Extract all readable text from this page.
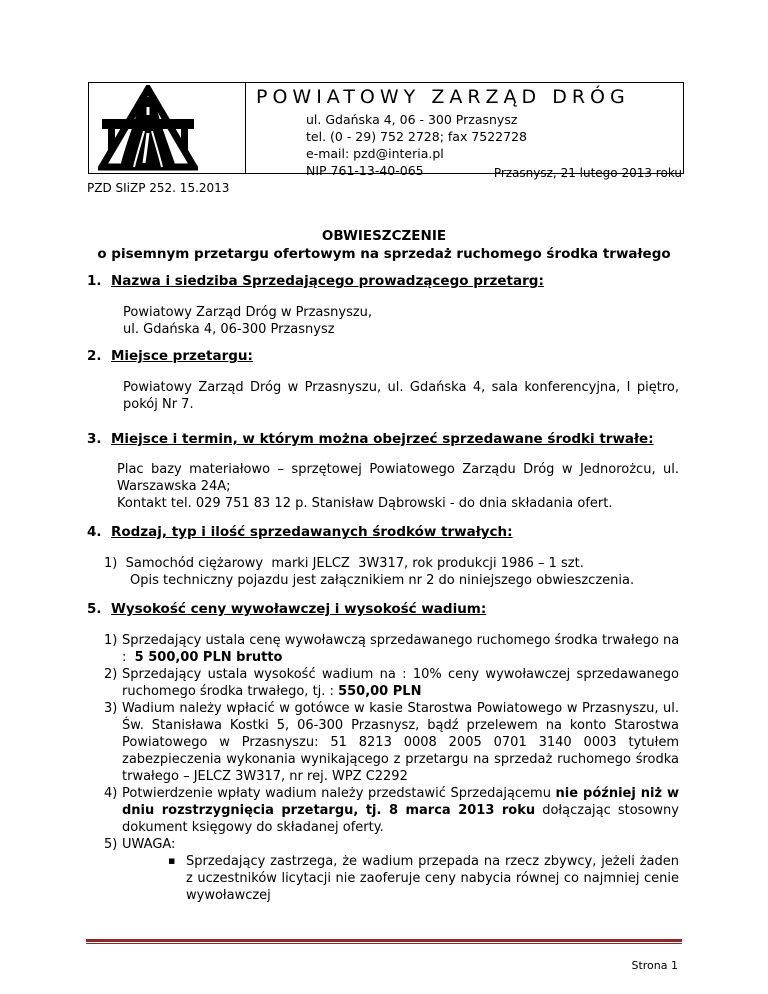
POWIATOWY ZARZĄD DRÓG
ul. Gdańska 4, 06 - 300 Przasnysz
tel. (0 - 29) 752 2728; fax 7522728
e-mail: pzd@interia.pl
NIP 761-13-40-065	Przasnysz, 21 lutego 2013 roku
PZD SIiZP 252. 15.2013
OBWIESZCZENIE
o pisemnym przetargu ofertowym na sprzedaż ruchomego środka trwałego
1. Nazwa i siedziba Sprzedającego prowadzącego przetarg:
Powiatowy Zarząd Dróg w Przasnyszu,
ul. Gdańska 4, 06-300 Przasnysz
2. Miejsce przetargu:
Powiatowy Zarząd Dróg w Przasnyszu, ul. Gdańska 4, sala konferencyjna, I piętro, pokój Nr 7.
3. Miejsce i termin, w którym można obejrzeć sprzedawane środki trwałe:
Plac bazy materiałowo – sprzętowej Powiatowego Zarządu Dróg w Jednorożcu, ul. Warszawska 24A;
Kontakt tel. 029 751 83 12 p. Stanisław Dąbrowski - do dnia składania ofert.
4. Rodzaj, typ i ilość sprzedawanych środków trwałych:
1)  Samochód ciężarowy  marki JELCZ  3W317, rok produkcji 1986 – 1 szt.
Opis techniczny pojazdu jest załącznikiem nr 2 do niniejszego obwieszczenia.
5. Wysokość ceny wywoławczej i wysokość wadium:
1) Sprzedający ustala cenę wywoławczą sprzedawanego ruchomego środka trwałego na
:  5 500,00 PLN brutto
2) Sprzedający ustala wysokość wadium na : 10% ceny wywoławczej sprzedawanego ruchomego środka trwałego, tj. : 550,00 PLN
3) Wadium należy wpłacić w gotówce w kasie Starostwa Powiatowego w Przasnyszu, ul. Św. Stanisława Kostki 5, 06-300 Przasnysz, bądź przelewem na konto Starostwa Powiatowego w Przasnyszu: 51 8213 0008 2005 0701 3140 0003 tytułem zabezpieczenia wykonania wynikającego z przetargu na sprzedaż ruchomego środka trwałego – JELCZ 3W317, nr rej. WPZ C2292
4) Potwierdzenie wpłaty wadium należy przedstawić Sprzedającemu nie później niż w dniu rozstrzygnięcia przetargu, tj. 8 marca 2013 roku dołączając stosowny dokument księgowy do składanej oferty.
5) UWAGA:
▪ Sprzedający zastrzega, że wadium przepada na rzecz zbywcy, jeżeli żaden z uczestników licytacji nie zaoferuje ceny nabycia równej co najmniej cenie wywoławczej
Strona 1
